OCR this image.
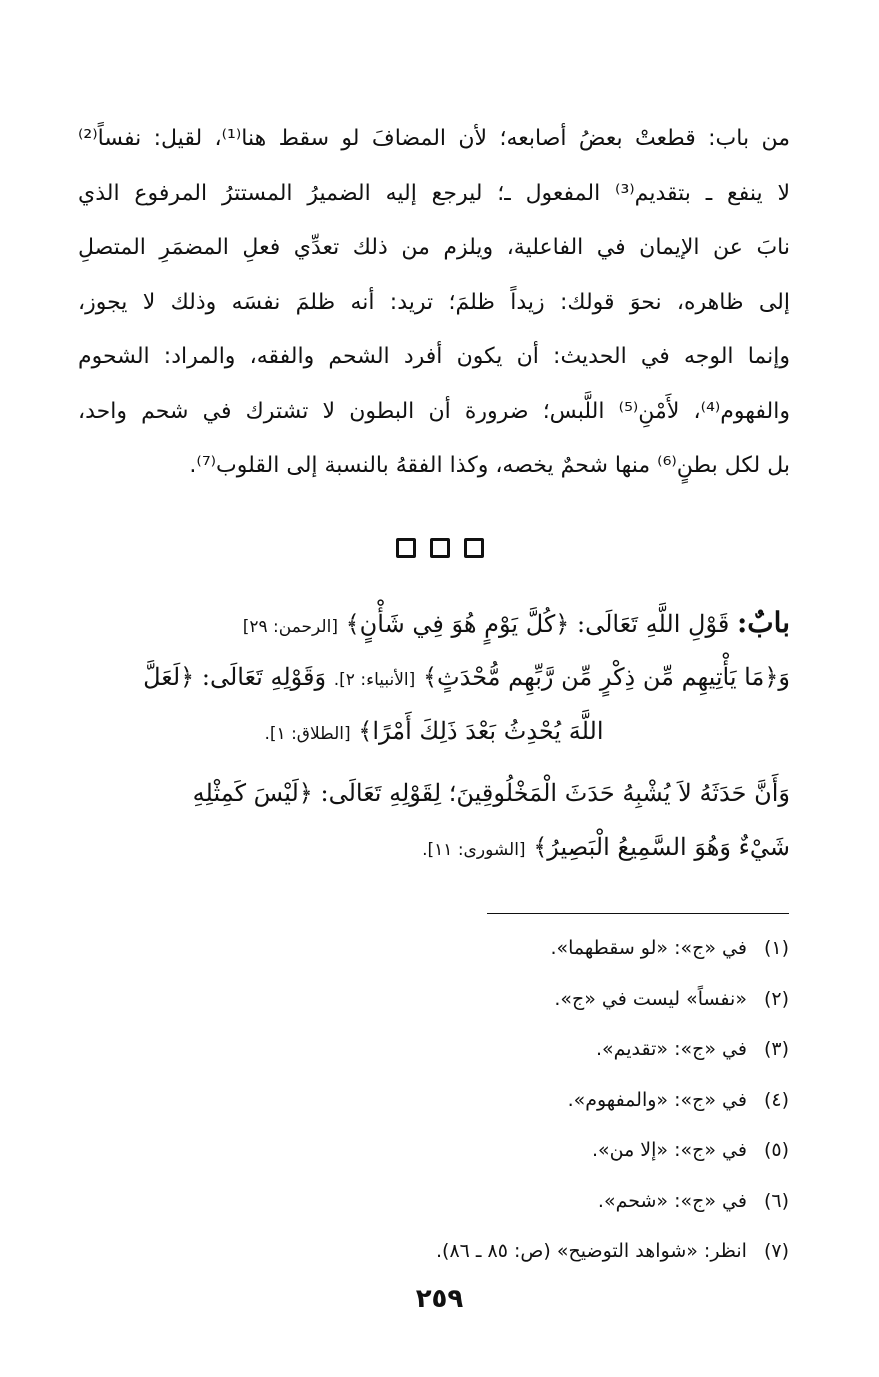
من باب: قطعتْ بعضُ أصابعه؛ لأن المضافَ لو سقط هنا⁽¹⁾، لقيل: نفساً⁽²⁾
لا ينفع ـ بتقديم⁽³⁾ المفعول ـ؛ ليرجع إليه الضميرُ المستترُ المرفوع الذي
نابَ عن الإيمان في الفاعلية، ويلزم من ذلك تعدِّي فعلِ المضمَرِ المتصلِ
إلى ظاهره، نحوَ قولك: زيداً ظلمَ؛ تريد: أنه ظلمَ نفسَه وذلك لا يجوز،
وإنما الوجه في الحديث: أن يكون أفرد الشحم والفقه، والمراد: الشحوم
والفهوم⁽⁴⁾، لأَمْنِ⁽⁵⁾ اللَّبس؛ ضرورة أن البطون لا تشترك في شحم واحد،
بل لكل بطنٍ⁽⁶⁾ منها شحمٌ يخصه، وكذا الفقهُ بالنسبة إلى القلوب⁽⁷⁾.
بابٌ: قَوْلِ اللَّهِ تَعَالَى: ﴿كُلَّ يَوْمٍ هُوَ فِي شَأْنٍ﴾ [الرحمن: ٢٩]
وَ﴿مَا يَأْتِيهِم مِّن ذِكْرٍ مِّن رَّبِّهِم مُّحْدَثٍ﴾ [الأنبياء: ٢]. وَقَوْلِهِ تَعَالَى: ﴿لَعَلَّ
اللَّهَ يُحْدِثُ بَعْدَ ذَلِكَ أَمْرًا﴾ [الطلاق: ١].
وَأَنَّ حَدَثَهُ لاَ يُشْبِهُ حَدَثَ الْمَخْلُوقِينَ؛ لِقَوْلِهِ تَعَالَى: ﴿لَيْسَ كَمِثْلِهِ
شَيْءٌ وَهُوَ السَّمِيعُ الْبَصِيرُ﴾ [الشورى: ١١].
(١) في «ج»: «لو سقطهما».
(٢) «نفساً» ليست في «ج».
(٣) في «ج»: «تقديم».
(٤) في «ج»: «والمفهوم».
(٥) في «ج»: «إلا من».
(٦) في «ج»: «شحم».
(٧) انظر: «شواهد التوضيح» (ص: ٨٥ ـ ٨٦).
٢٥٩
